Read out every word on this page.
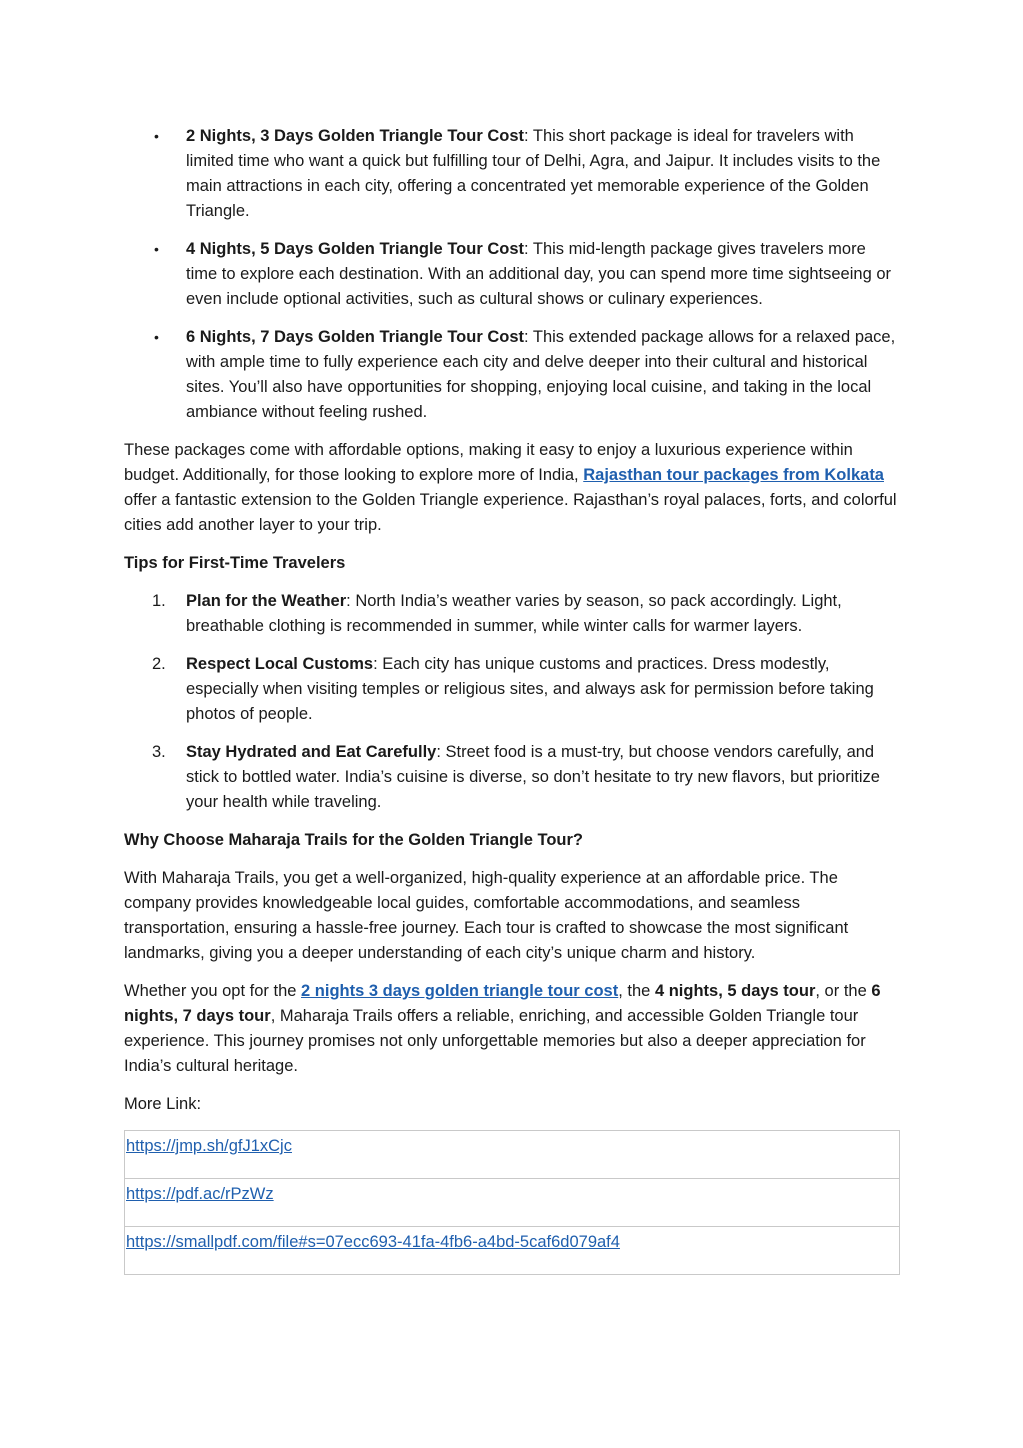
•	2 Nights, 3 Days Golden Triangle Tour Cost: This short package is ideal for travelers with limited time who want a quick but fulfilling tour of Delhi, Agra, and Jaipur. It includes visits to the main attractions in each city, offering a concentrated yet memorable experience of the Golden Triangle.
•	4 Nights, 5 Days Golden Triangle Tour Cost: This mid-length package gives travelers more time to explore each destination. With an additional day, you can spend more time sightseeing or even include optional activities, such as cultural shows or culinary experiences.
•	6 Nights, 7 Days Golden Triangle Tour Cost: This extended package allows for a relaxed pace, with ample time to fully experience each city and delve deeper into their cultural and historical sites. You’ll also have opportunities for shopping, enjoying local cuisine, and taking in the local ambiance without feeling rushed.

These packages come with affordable options, making it easy to enjoy a luxurious experience within budget. Additionally, for those looking to explore more of India, Rajasthan tour packages from Kolkata offer a fantastic extension to the Golden Triangle experience. Rajasthan’s royal palaces, forts, and colorful cities add another layer to your trip.

Tips for First-Time Travelers

1.	Plan for the Weather: North India’s weather varies by season, so pack accordingly. Light, breathable clothing is recommended in summer, while winter calls for warmer layers.
2.	Respect Local Customs: Each city has unique customs and practices. Dress modestly, especially when visiting temples or religious sites, and always ask for permission before taking photos of people.
3.	Stay Hydrated and Eat Carefully: Street food is a must-try, but choose vendors carefully, and stick to bottled water. India’s cuisine is diverse, so don’t hesitate to try new flavors, but prioritize your health while traveling.

Why Choose Maharaja Trails for the Golden Triangle Tour?

With Maharaja Trails, you get a well-organized, high-quality experience at an affordable price. The company provides knowledgeable local guides, comfortable accommodations, and seamless transportation, ensuring a hassle-free journey. Each tour is crafted to showcase the most significant landmarks, giving you a deeper understanding of each city’s unique charm and history.

Whether you opt for the 2 nights 3 days golden triangle tour cost, the 4 nights, 5 days tour, or the 6 nights, 7 days tour, Maharaja Trails offers a reliable, enriching, and accessible Golden Triangle tour experience. This journey promises not only unforgettable memories but also a deeper appreciation for India’s cultural heritage.

More Link:

https://jmp.sh/gfJ1xCjc
https://pdf.ac/rPzWz
https://smallpdf.com/file#s=07ecc693-41fa-4fb6-a4bd-5caf6d079af4
